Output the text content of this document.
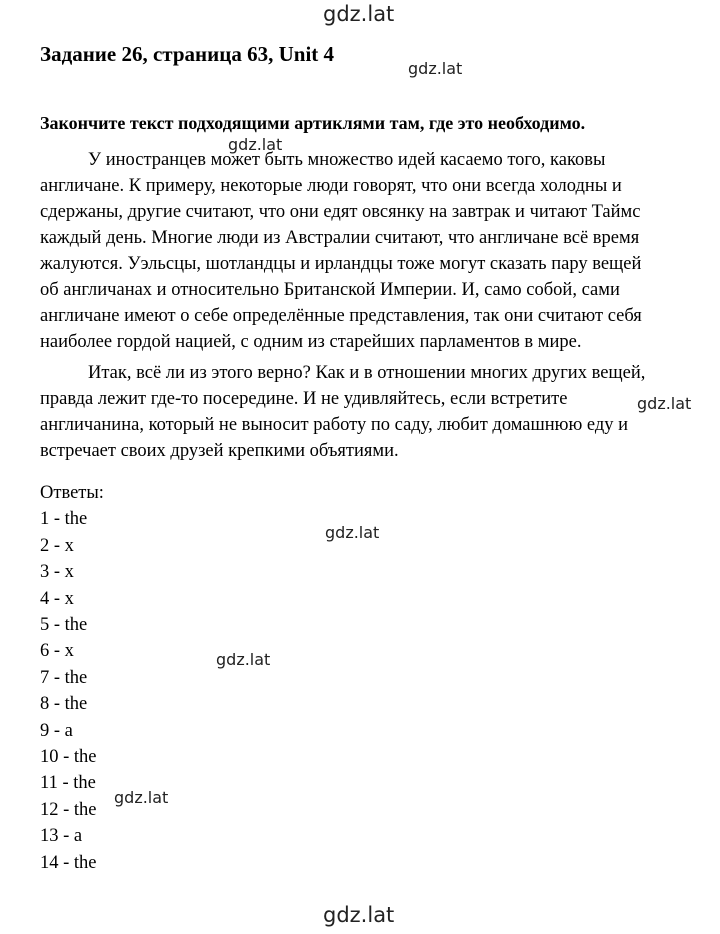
gdz.lat
gdz.lat
gdz.lat
gdz.lat
gdz.lat
gdz.lat
gdz.lat
gdz.lat
Задание 26, страница 63, Unit 4

Закончите текст подходящими артиклями там, где это необходимо.

У иностранцев может быть множество идей касаемо того, каковы
англичане. К примеру, некоторые люди говорят, что они всегда холодны и
сдержаны, другие считают, что они едят овсянку на завтрак и читают Таймс
каждый день. Многие люди из Австралии считают, что англичане всё время
жалуются. Уэльсцы, шотландцы и ирландцы тоже могут сказать пару вещей
об англичанах и относительно Британской Империи. И, само собой, сами
англичане имеют о себе определённые представления, так они считают себя
наиболее гордой нацией, с одним из старейших парламентов в мире.
Итак, всё ли из этого верно? Как и в отношении многих других вещей,
правда лежит где-то посередине. И не удивляйтесь, если встретите
англичанина, который не выносит работу по саду, любит домашнюю еду и
встречает своих друзей крепкими объятиями.
Ответы:
1 - the
2 - x
3 - x
4 - x
5 - the
6 - x
7 - the
8 - the
9 - a
10 - the
11 - the
12 - the
13 - a
14 - the
